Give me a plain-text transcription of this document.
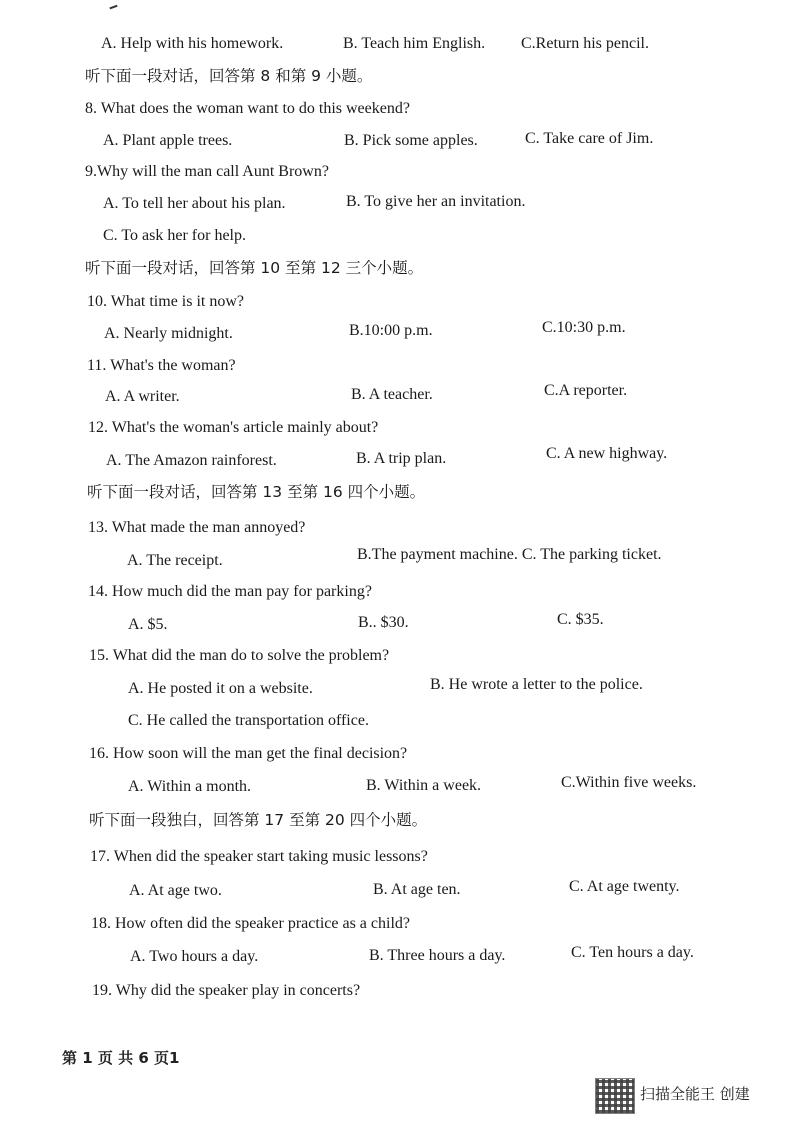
A. Help with his homework.	B. Teach him English. C.Return his pencil.
听下面一段对话，回答第 8 和第 9 小题。
8. What does the woman want to do this weekend?
A. Plant apple trees.	B. Pick some apples.	C. Take care of Jim.
9.Why will the man call Aunt Brown?
A. To tell her about his plan.	B. To give her an invitation.
C. To ask her for help.
听下面一段对话，回答第 10 至第 12 三个小题。
10. What time is it now?
A. Nearly midnight.	B.10:00 p.m.	C.10:30 p.m.
11. What's the woman?
A. A writer.	B. A teacher.	C.A reporter.
12. What's the woman's article mainly about?
A. The Amazon rainforest.	B. A trip plan.	C. A new highway.
听下面一段对话，回答第 13 至第 16 四个小题。
13. What made the man annoyed?
A. The receipt.	B.The payment machine. C. The parking ticket.
14. How much did the man pay for parking?
A. $5.	B.. $30.	C. $35.
15. What did the man do to solve the problem?
A. He posted it on a website.	B. He wrote a letter to the police.
C. He called the transportation office.
16. How soon will the man get the final decision?
A. Within a month.	B. Within a week.	C.Within five weeks.
听下面一段独白，回答第 17 至第 20 四个小题。
17. When did the speaker start taking music lessons?
A. At age two.	B. At age ten.	C. At age twenty.
18. How often did the speaker practice as a child?
A. Two hours a day.	B. Three hours a day.	C. Ten hours a day.
19. Why did the speaker play in concerts?
第 1 页 共 6 页1
扫描全能王 创建
